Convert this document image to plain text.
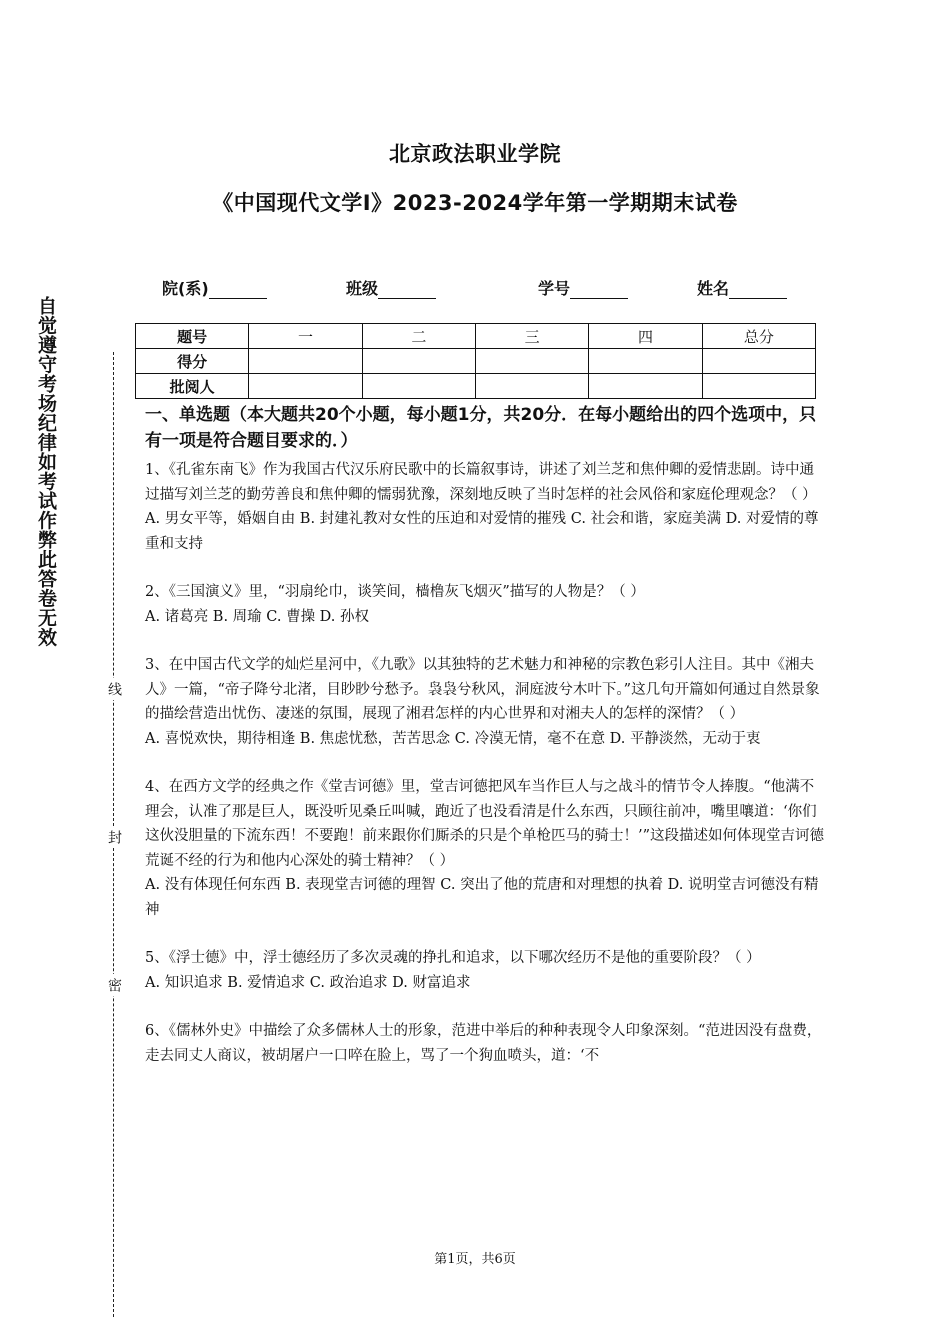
北京政法职业学院
《中国现代文学Ⅰ》2023-2024学年第一学期期末试卷
院(系)	班级	学号	姓名
题号	一	二	三	四	总分
得分					
批阅人					
自觉遵守考场纪律如考试作弊此答卷无效
线
封
密

一、单选题（本大题共20个小题，每小题1分，共20分．在每小题给出的四个选项中，只有一项是符合题目要求的．）

1、《孔雀东南飞》作为我国古代汉乐府民歌中的长篇叙事诗，讲述了刘兰芝和焦仲卿的爱情悲剧。诗中通过描写刘兰芝的勤劳善良和焦仲卿的懦弱犹豫，深刻地反映了当时怎样的社会风俗和家庭伦理观念？（ ）

A. 男女平等，婚姻自由 B. 封建礼教对女性的压迫和对爱情的摧残 C. 社会和谐，家庭美满 D. 对爱情的尊重和支持

2、《三国演义》里，“羽扇纶巾，谈笑间，樯橹灰飞烟灭”描写的人物是？（ ）

A. 诸葛亮 B. 周瑜 C. 曹操 D. 孙权

3、在中国古代文学的灿烂星河中，《九歌》以其独特的艺术魅力和神秘的宗教色彩引人注目。其中《湘夫人》一篇，“帝子降兮北渚，目眇眇兮愁予。袅袅兮秋风，洞庭波兮木叶下。”这几句开篇如何通过自然景象的描绘营造出忧伤、凄迷的氛围，展现了湘君怎样的内心世界和对湘夫人的怎样的深情？（ ）

A. 喜悦欢快，期待相逢 B. 焦虑忧愁，苦苦思念 C. 冷漠无情，毫不在意 D. 平静淡然，无动于衷

4、在西方文学的经典之作《堂吉诃德》里，堂吉诃德把风车当作巨人与之战斗的情节令人捧腹。“他满不理会，认准了那是巨人，既没听见桑丘叫喊，跑近了也没看清是什么东西，只顾往前冲，嘴里嚷道：‘你们这伙没胆量的下流东西！不要跑！前来跟你们厮杀的只是个单枪匹马的骑士！’”这段描述如何体现堂吉诃德荒诞不经的行为和他内心深处的骑士精神？（ ）

A. 没有体现任何东西 B. 表现堂吉诃德的理智 C. 突出了他的荒唐和对理想的执着 D. 说明堂吉诃德没有精神

5、《浮士德》中，浮士德经历了多次灵魂的挣扎和追求，以下哪次经历不是他的重要阶段？（ ）

A. 知识追求 B. 爱情追求 C. 政治追求 D. 财富追求

6、《儒林外史》中描绘了众多儒林人士的形象，范进中举后的种种表现令人印象深刻。“范进因没有盘费，走去同丈人商议，被胡屠户一口啐在脸上，骂了一个狗血喷头，道：‘不

第1页，共6页
